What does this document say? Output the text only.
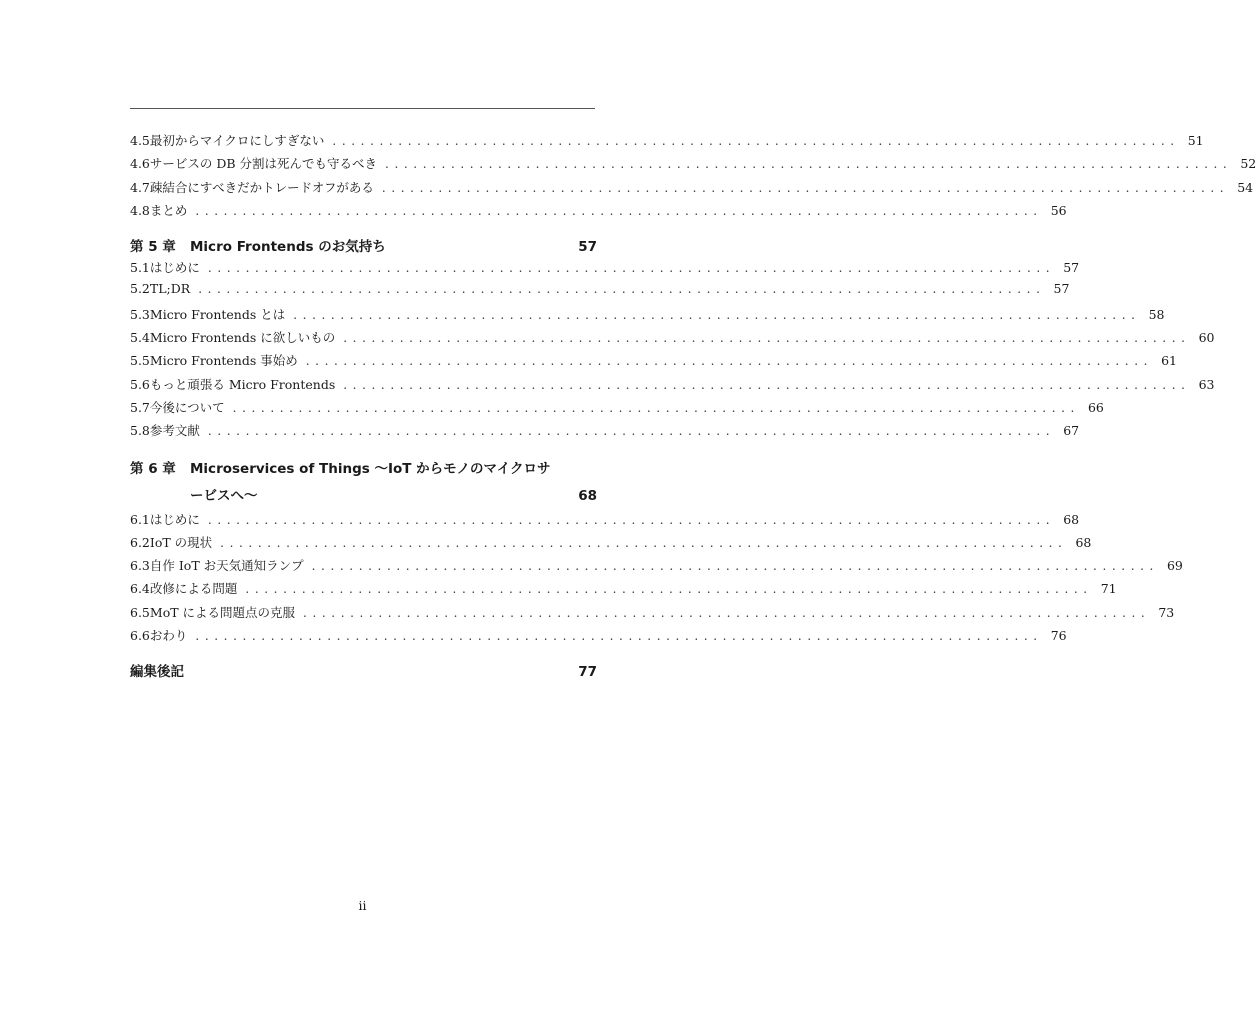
4.5 最初からマイクロにしすぎない .......................................................................................... 51
4.6 サービスの DB 分割は死んでも守るべき .......................................................................................... 52
4.7 疎結合にすべきだかトレードオフがある .......................................................................................... 54
4.8 まとめ .......................................................................................... 56
第 5 章	Micro Frontends のお気持ち	57
5.1 はじめに .......................................................................................... 57
5.2 TL;DR .......................................................................................... 57
5.3 Micro Frontends とは .......................................................................................... 58
5.4 Micro Frontends に欲しいもの .......................................................................................... 60
5.5 Micro Frontends 事始め .......................................................................................... 61
5.6 もっと頑張る Micro Frontends .......................................................................................... 63
5.7 今後について .......................................................................................... 66
5.8 参考文献 .......................................................................................... 67
第 6 章	Microservices of Things 〜IoT からモノのマイクロサービスへ〜	68
6.1 はじめに .......................................................................................... 68
6.2 IoT の現状 .......................................................................................... 68
6.3 自作 IoT お天気通知ランプ .......................................................................................... 69
6.4 改修による問題 .......................................................................................... 71
6.5 MoT による問題点の克服 .......................................................................................... 73
6.6 おわり .......................................................................................... 76
編集後記	77
ii
